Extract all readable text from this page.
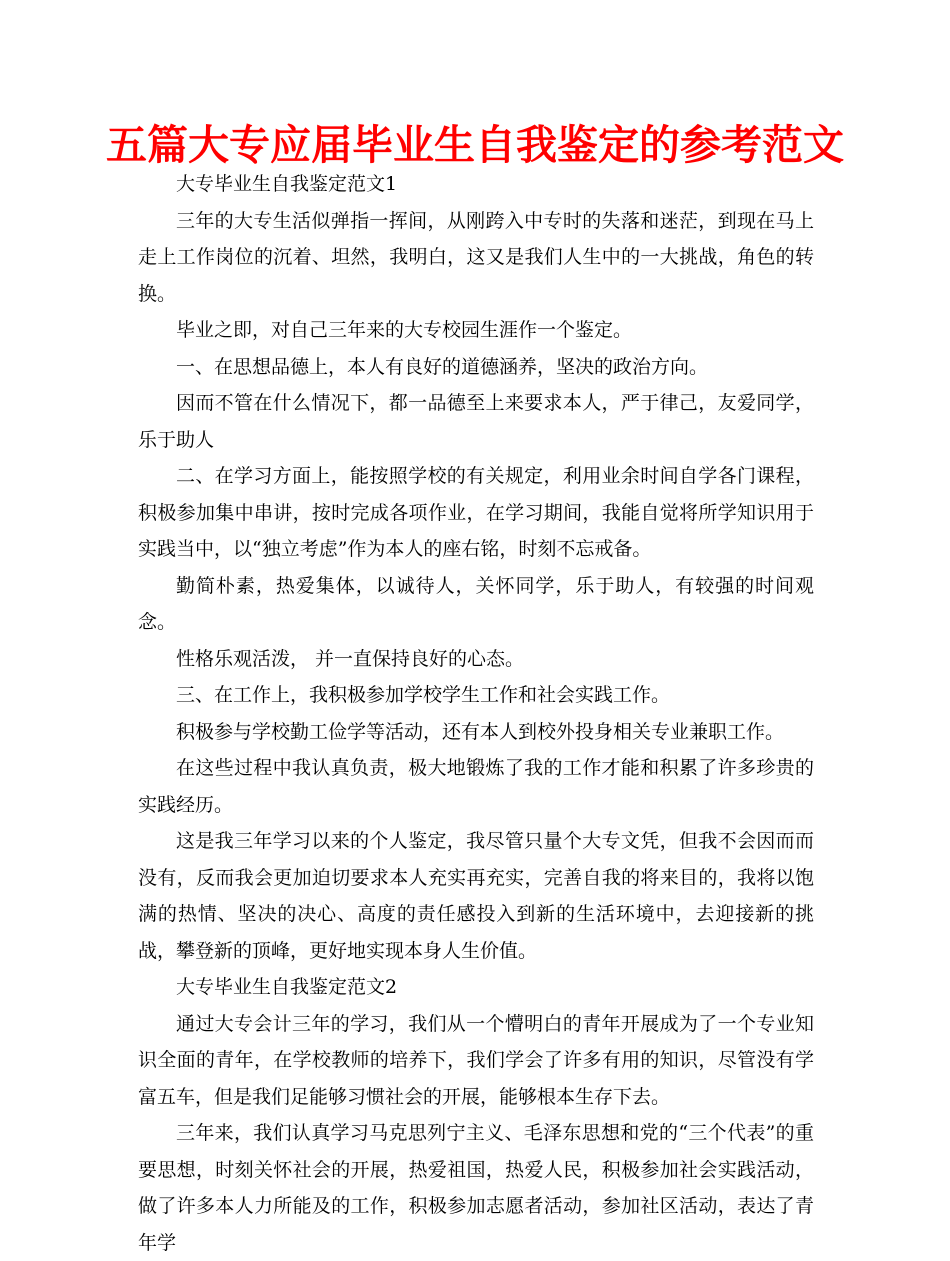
五篇大专应届毕业生自我鉴定的参考范文

大专毕业生自我鉴定范文1

三年的大专生活似弹指一挥间，从刚跨入中专时的失落和迷茫，到现在马上走上工作岗位的沉着、坦然，我明白，这又是我们人生中的一大挑战，角色的转换。

毕业之即，对自己三年来的大专校园生涯作一个鉴定。

一、在思想品德上，本人有良好的道德涵养，坚决的政治方向。

因而不管在什么情况下，都一品德至上来要求本人，严于律己，友爱同学，乐于助人

二、在学习方面上，能按照学校的有关规定，利用业余时间自学各门课程，积极参加集中串讲，按时完成各项作业，在学习期间，我能自觉将所学知识用于实践当中，以“独立考虑”作为本人的座右铭，时刻不忘戒备。

勤简朴素，热爱集体，以诚待人，关怀同学，乐于助人，有较强的时间观念。

性格乐观活泼， 并一直保持良好的心态。

三、在工作上，我积极参加学校学生工作和社会实践工作。

积极参与学校勤工俭学等活动，还有本人到校外投身相关专业兼职工作。

在这些过程中我认真负责，极大地锻炼了我的工作才能和积累了许多珍贵的实践经历。

这是我三年学习以来的个人鉴定，我尽管只量个大专文凭，但我不会因而而没有，反而我会更加迫切要求本人充实再充实，完善自我的将来目的，我将以饱满的热情、坚决的决心、高度的责任感投入到新的生活环境中，去迎接新的挑战，攀登新的顶峰，更好地实现本身人生价值。

大专毕业生自我鉴定范文2

通过大专会计三年的学习，我们从一个懵明白的青年开展成为了一个专业知识全面的青年，在学校教师的培养下，我们学会了许多有用的知识，尽管没有学富五车，但是我们足能够习惯社会的开展，能够根本生存下去。

三年来，我们认真学习马克思列宁主义、毛泽东思想和党的“三个代表”的重要思想，时刻关怀社会的开展，热爱祖国，热爱人民，积极参加社会实践活动，做了许多本人力所能及的工作，积极参加志愿者活动，参加社区活动，表达了青年学
